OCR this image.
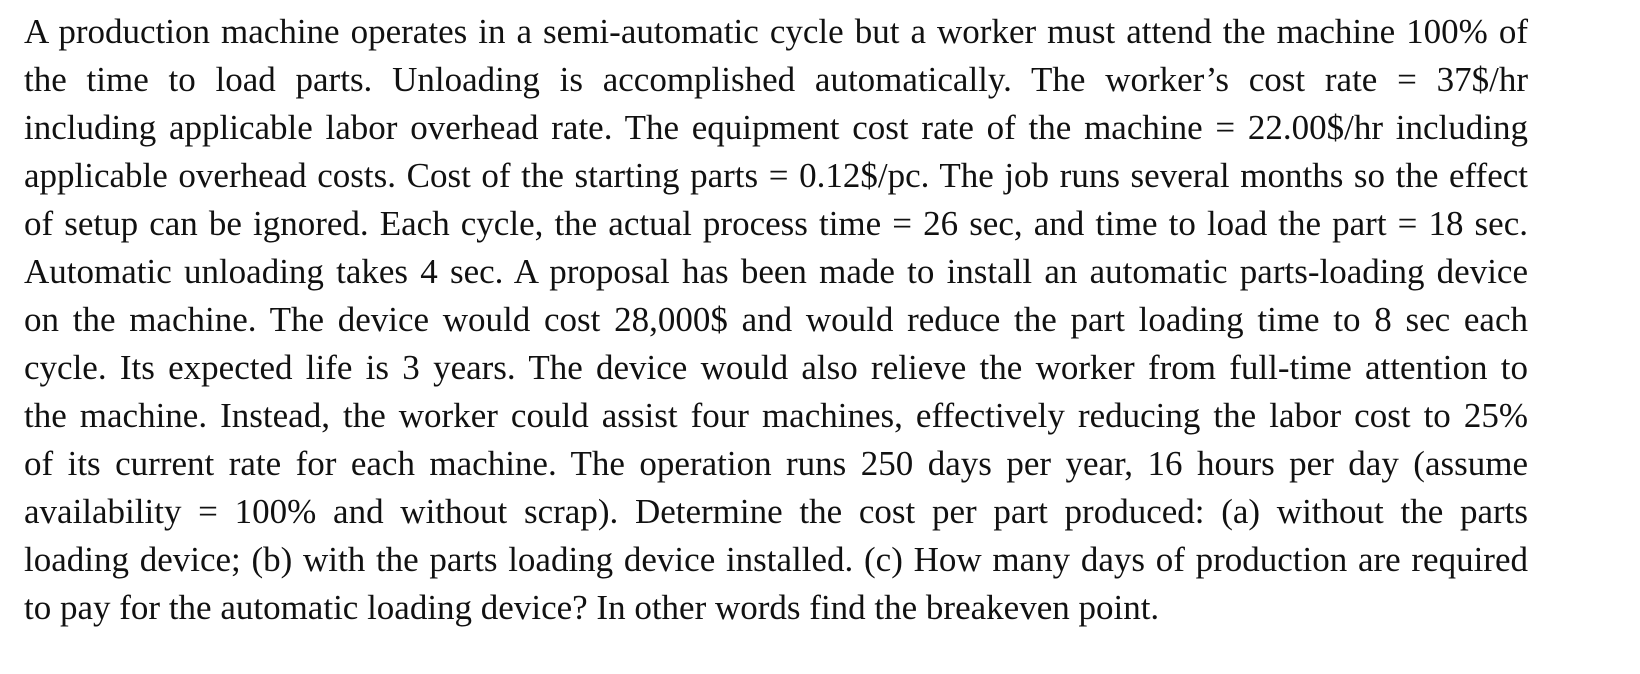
A production machine operates in a semi-automatic cycle but a worker must attend the machine 100% of
the time to load parts. Unloading is accomplished automatically. The worker’s cost rate = 37$/hr
including applicable labor overhead rate. The equipment cost rate of the machine = 22.00$/hr including
applicable overhead costs. Cost of the starting parts = 0.12$/pc. The job runs several months so the effect
of setup can be ignored. Each cycle, the actual process time = 26 sec, and time to load the part = 18 sec.
Automatic unloading takes 4 sec. A proposal has been made to install an automatic parts-loading device
on the machine. The device would cost 28,000$ and would reduce the part loading time to 8 sec each
cycle. Its expected life is 3 years. The device would also relieve the worker from full-time attention to
the machine. Instead, the worker could assist four machines, effectively reducing the labor cost to 25%
of its current rate for each machine. The operation runs 250 days per year, 16 hours per day (assume
availability = 100% and without scrap). Determine the cost per part produced: (a) without the parts
loading device; (b) with the parts loading device installed. (c) How many days of production are required
to pay for the automatic loading device? In other words find the breakeven point.
